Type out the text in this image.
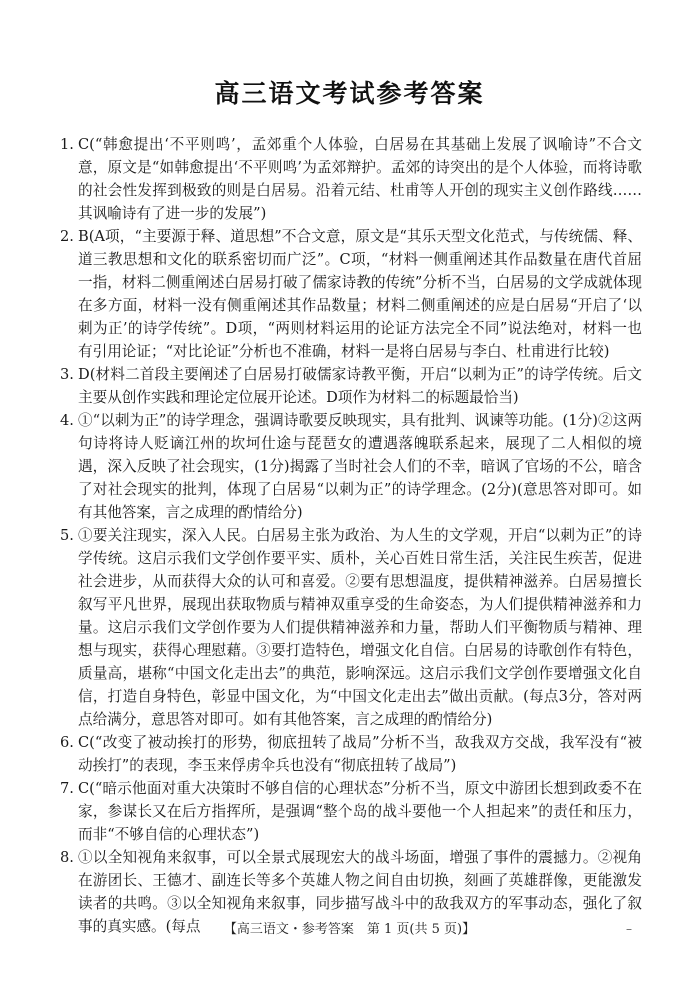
高三语文考试参考答案
1. C(“韩愈提出‘不平则鸣’，孟郊重个人体验，白居易在其基础上发展了讽喻诗”不合文意，原文是“如韩愈提出‘不平则鸣’为孟郊辩护。孟郊的诗突出的是个人体验，而将诗歌的社会性发挥到极致的则是白居易。沿着元结、杜甫等人开创的现实主义创作路线……其讽喻诗有了进一步的发展”)
2. B(A项，“主要源于释、道思想”不合文意，原文是“其乐天型文化范式，与传统儒、释、道三教思想和文化的联系密切而广泛”。C项，“材料一侧重阐述其作品数量在唐代首屈一指，材料二侧重阐述白居易打破了儒家诗教的传统”分析不当，白居易的文学成就体现在多方面，材料一没有侧重阐述其作品数量；材料二侧重阐述的应是白居易“开启了‘以刺为正’的诗学传统”。D项，“两则材料运用的论证方法完全不同”说法绝对，材料一也有引用论证；“对比论证”分析也不准确，材料一是将白居易与李白、杜甫进行比较)
3. D(材料二首段主要阐述了白居易打破儒家诗教平衡，开启“以刺为正”的诗学传统。后文主要从创作实践和理论定位展开论述。D项作为材料二的标题最恰当)
4. ①“以刺为正”的诗学理念，强调诗歌要反映现实，具有批判、讽谏等功能。(1分)②这两句诗将诗人贬谪江州的坎坷仕途与琵琶女的遭遇落魄联系起来，展现了二人相似的境遇，深入反映了社会现实，(1分)揭露了当时社会人们的不幸，暗讽了官场的不公，暗含了对社会现实的批判，体现了白居易“以刺为正”的诗学理念。(2分)(意思答对即可。如有其他答案，言之成理的酌情给分)
5. ①要关注现实，深入人民。白居易主张为政治、为人生的文学观，开启“以刺为正”的诗学传统。这启示我们文学创作要平实、质朴，关心百姓日常生活，关注民生疾苦，促进社会进步，从而获得大众的认可和喜爱。②要有思想温度，提供精神滋养。白居易擅长叙写平凡世界，展现出获取物质与精神双重享受的生命姿态，为人们提供精神滋养和力量。这启示我们文学创作要为人们提供精神滋养和力量，帮助人们平衡物质与精神、理想与现实，获得心理慰藉。③要打造特色，增强文化自信。白居易的诗歌创作有特色，质量高，堪称“中国文化走出去”的典范，影响深远。这启示我们文学创作要增强文化自信，打造自身特色，彰显中国文化，为“中国文化走出去”做出贡献。(每点3分，答对两点给满分，意思答对即可。如有其他答案，言之成理的酌情给分)
6. C(“改变了被动挨打的形势，彻底扭转了战局”分析不当，敌我双方交战，我军没有“被动挨打”的表现，李玉来俘虏伞兵也没有“彻底扭转了战局”)
7. C(“暗示他面对重大决策时不够自信的心理状态”分析不当，原文中游团长想到政委不在家，参谋长又在后方指挥所，是强调“整个岛的战斗要他一个人担起来”的责任和压力，而非“不够自信的心理状态”)
8. ①以全知视角来叙事，可以全景式展现宏大的战斗场面，增强了事件的震撼力。②视角在游团长、王德才、副连长等多个英雄人物之间自由切换，刻画了英雄群像，更能激发读者的共鸣。③以全知视角来叙事，同步描写战斗中的敌我双方的军事动态，强化了叙事的真实感。(每点	【高三语文・参考答案　第 1 页(共 5 页)】	–
